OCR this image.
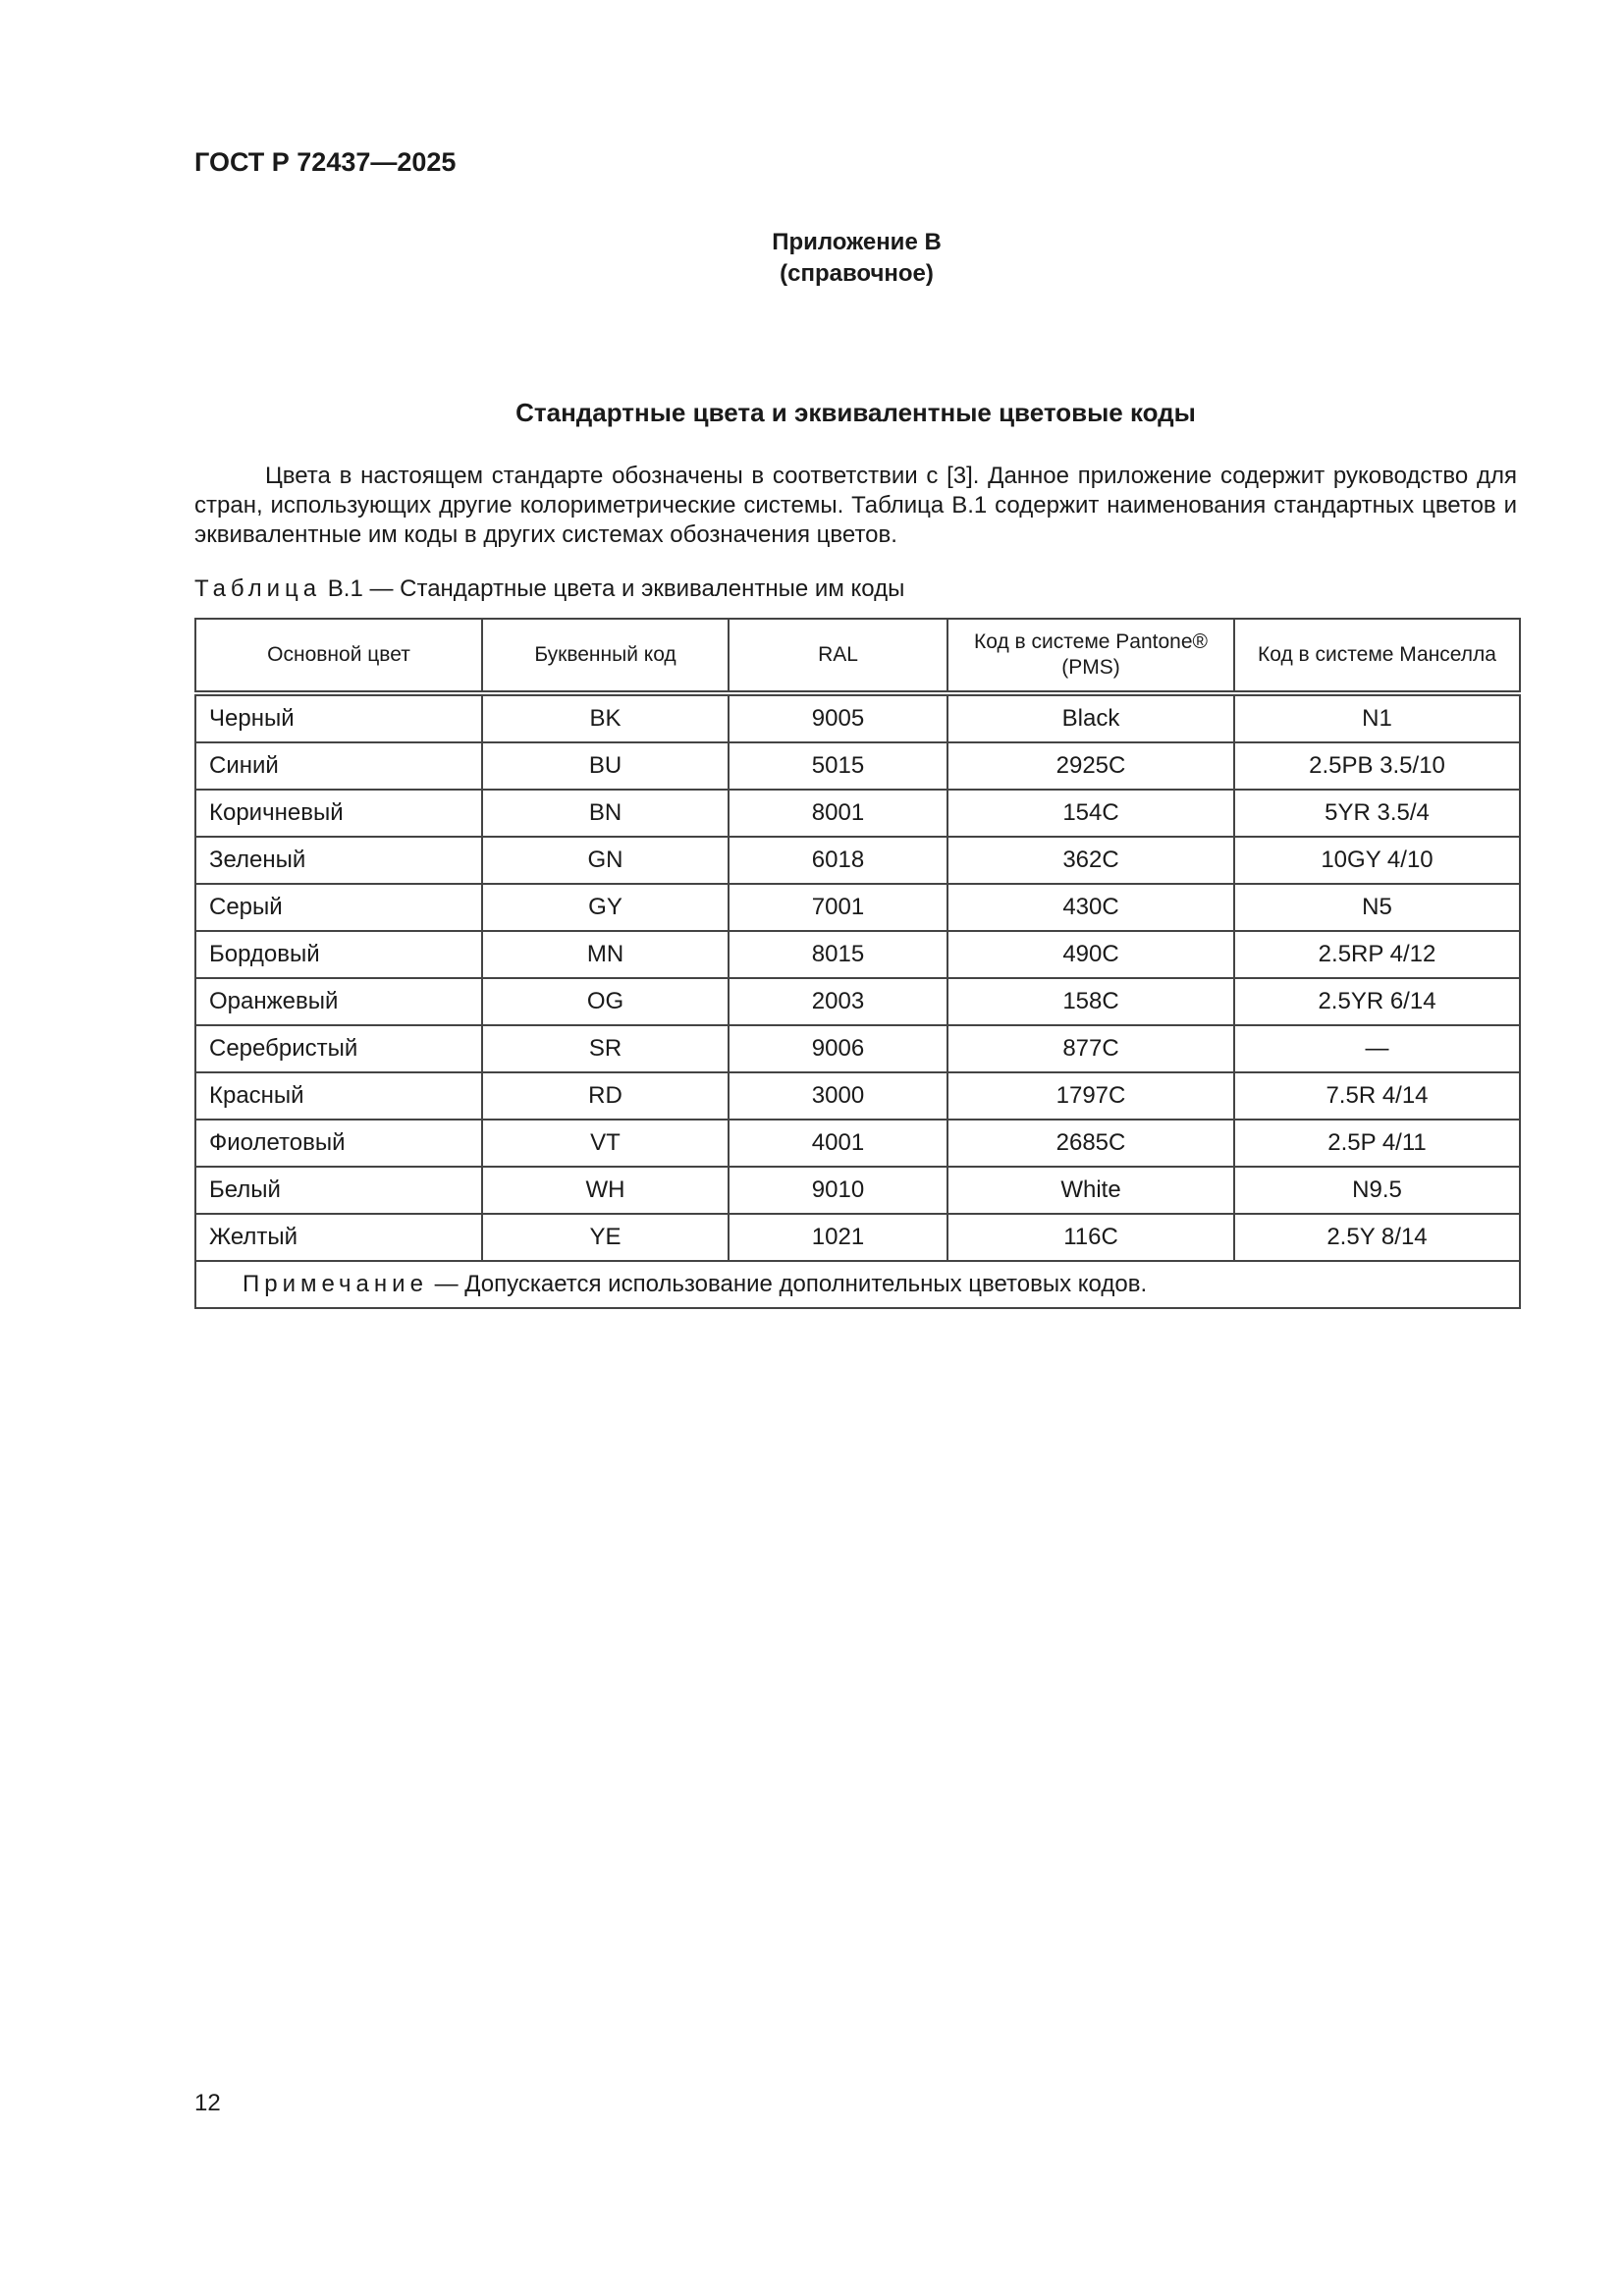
ГОСТ Р 72437—2025
Приложение В
(справочное)
Стандартные цвета и эквивалентные цветовые коды

Цвета в настоящем стандарте обозначены в соответствии с [3]. Данное приложение содержит руководство для стран, использующих другие колориметрические системы. Таблица В.1 содержит наименования стандартных цветов и эквивалентные им коды в других системах обозначения цветов.

Таблица В.1 — Стандартные цвета и эквивалентные им коды
Основной цвет	Буквенный код	RAL	Код в системе Pantone® (PMS)	Код в системе Манселла
Черный	BK	9005	Black	N1
Синий	BU	5015	2925C	2.5PB 3.5/10
Коричневый	BN	8001	154C	5YR 3.5/4
Зеленый	GN	6018	362C	10GY 4/10
Серый	GY	7001	430C	N5
Бордовый	MN	8015	490C	2.5RP 4/12
Оранжевый	OG	2003	158C	2.5YR 6/14
Серебристый	SR	9006	877C	—
Красный	RD	3000	1797C	7.5R 4/14
Фиолетовый	VT	4001	2685C	2.5P 4/11
Белый	WH	9010	White	N9.5
Желтый	YE	1021	116C	2.5Y 8/14
Примечание — Допускается использование дополнительных цветовых кодов.				
12
